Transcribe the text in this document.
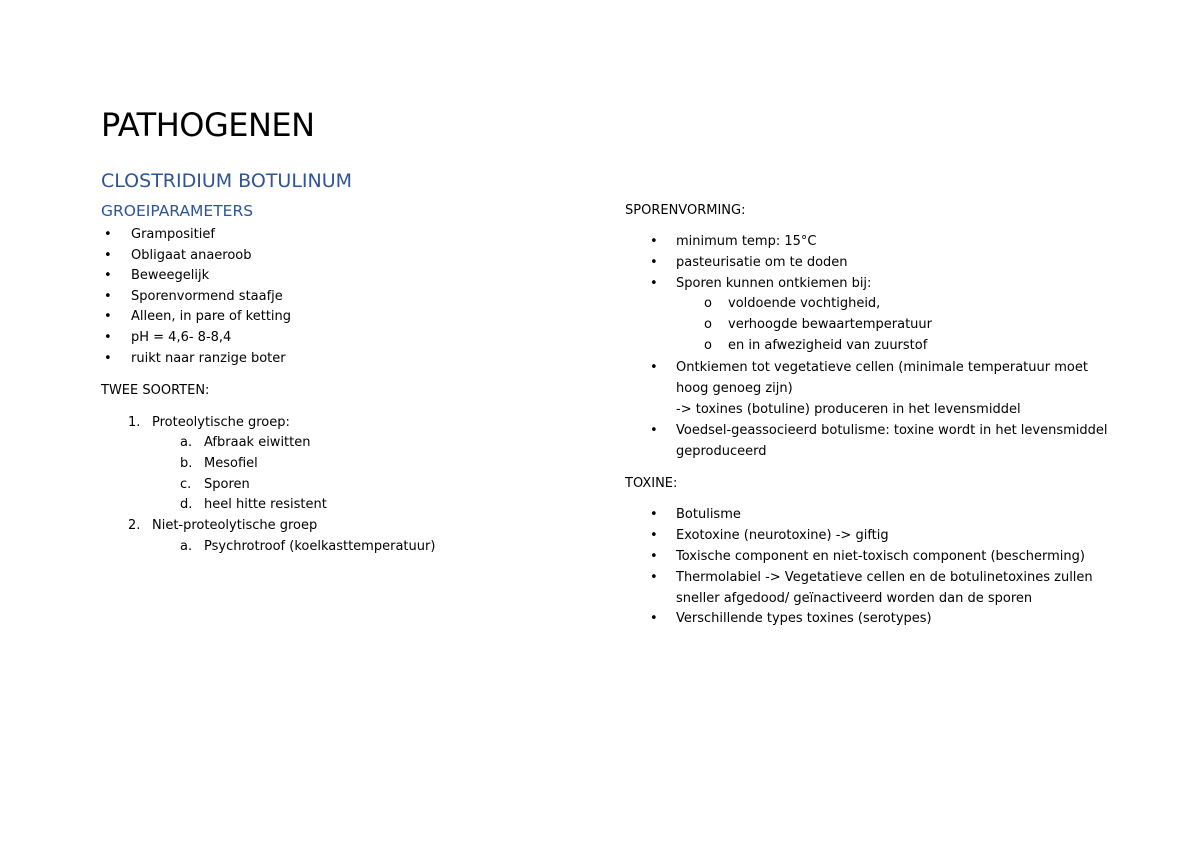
PATHOGENEN
CLOSTRIDIUM BOTULINUM
GROEIPARAMETERS
• Grampositief
• Obligaat anaeroob
• Beweegelijk
• Sporenvormend staafje
• Alleen, in pare of ketting
• pH = 4,6- 8-8,4
• ruikt naar ranzige boter
TWEE SOORTEN:
1. Proteolytische groep:
a. Afbraak eiwitten
b. Mesofiel
c. Sporen
d. heel hitte resistent
2. Niet-proteolytische groep
a. Psychrotroof (koelkasttemperatuur)
SPORENVORMING:
• minimum temp: 15°C
• pasteurisatie om te doden
• Sporen kunnen ontkiemen bij:
o voldoende vochtigheid,
o verhoogde bewaartemperatuur
o en in afwezigheid van zuurstof
• Ontkiemen tot vegetatieve cellen (minimale temperatuur moet
hoog genoeg zijn)
-> toxines (botuline) produceren in het levensmiddel
• Voedsel-geassocieerd botulisme: toxine wordt in het levensmiddel
geproduceerd
TOXINE:
• Botulisme
• Exotoxine (neurotoxine) -> giftig
• Toxische component en niet-toxisch component (bescherming)
• Thermolabiel -> Vegetatieve cellen en de botulinetoxines zullen
sneller afgedood/ geïnactiveerd worden dan de sporen
• Verschillende types toxines (serotypes)
